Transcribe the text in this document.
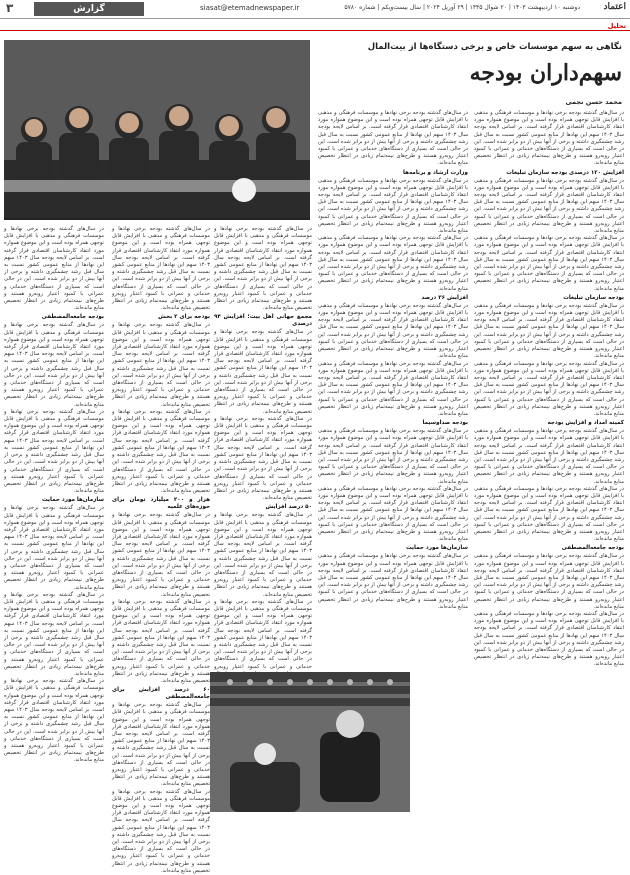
۳	گزارش	siasat@etemadnewspaper.ir	دوشنبه ۱۰ اردیبهشت ۱۴۰۳ | ۲۰ شوال ۱۴۴۵ | ۲۹ آوریل ۲۰۲۴ | سال بیست‌ویکم | شماره ۵۷۸۰	اعتماد
تحلیل
نگاهی به سهم موسسات خاص و برخی دستگاه‌ها از بیت‌المال
سهم‌داران بودجه
محمد حسن نجمی

در سال‌های گذشته بودجه برخی نهادها و موسسات فرهنگی و مذهبی با افزایش قابل توجهی همراه بوده است و این موضوع همواره مورد انتقاد کارشناسان اقتصادی قرار گرفته است. بر اساس لایحه بودجه سال ۱۴۰۳ سهم این نهادها از منابع عمومی کشور نسبت به سال قبل رشد چشمگیری داشته و برخی از آنها بیش از دو برابر شده است. این در حالی است که بسیاری از دستگاه‌های خدماتی و عمرانی با کمبود اعتبار روبه‌رو هستند و طرح‌های نیمه‌تمام زیادی در انتظار تخصیص منابع مانده‌اند.

افزایش ۱۲۰ درصدی بودجه سازمان تبلیغات

در سال‌های گذشته بودجه برخی نهادها و موسسات فرهنگی و مذهبی با افزایش قابل توجهی همراه بوده است و این موضوع همواره مورد انتقاد کارشناسان اقتصادی قرار گرفته است. بر اساس لایحه بودجه سال ۱۴۰۳ سهم این نهادها از منابع عمومی کشور نسبت به سال قبل رشد چشمگیری داشته و برخی از آنها بیش از دو برابر شده است. این در حالی است که بسیاری از دستگاه‌های خدماتی و عمرانی با کمبود اعتبار روبه‌رو هستند و طرح‌های نیمه‌تمام زیادی در انتظار تخصیص منابع مانده‌اند.

در سال‌های گذشته بودجه برخی نهادها و موسسات فرهنگی و مذهبی با افزایش قابل توجهی همراه بوده است و این موضوع همواره مورد انتقاد کارشناسان اقتصادی قرار گرفته است. بر اساس لایحه بودجه سال ۱۴۰۳ سهم این نهادها از منابع عمومی کشور نسبت به سال قبل رشد چشمگیری داشته و برخی از آنها بیش از دو برابر شده است. این در حالی است که بسیاری از دستگاه‌های خدماتی و عمرانی با کمبود اعتبار روبه‌رو هستند و طرح‌های نیمه‌تمام زیادی در انتظار تخصیص منابع مانده‌اند.

بودجه سازمان تبلیغات

در سال‌های گذشته بودجه برخی نهادها و موسسات فرهنگی و مذهبی با افزایش قابل توجهی همراه بوده است و این موضوع همواره مورد انتقاد کارشناسان اقتصادی قرار گرفته است. بر اساس لایحه بودجه سال ۱۴۰۳ سهم این نهادها از منابع عمومی کشور نسبت به سال قبل رشد چشمگیری داشته و برخی از آنها بیش از دو برابر شده است. این در حالی است که بسیاری از دستگاه‌های خدماتی و عمرانی با کمبود اعتبار روبه‌رو هستند و طرح‌های نیمه‌تمام زیادی در انتظار تخصیص منابع مانده‌اند.

در سال‌های گذشته بودجه برخی نهادها و موسسات فرهنگی و مذهبی با افزایش قابل توجهی همراه بوده است و این موضوع همواره مورد انتقاد کارشناسان اقتصادی قرار گرفته است. بر اساس لایحه بودجه سال ۱۴۰۳ سهم این نهادها از منابع عمومی کشور نسبت به سال قبل رشد چشمگیری داشته و برخی از آنها بیش از دو برابر شده است. این در حالی است که بسیاری از دستگاه‌های خدماتی و عمرانی با کمبود اعتبار روبه‌رو هستند و طرح‌های نیمه‌تمام زیادی در انتظار تخصیص منابع مانده‌اند.

کمیته امداد و افزایش بودجه

در سال‌های گذشته بودجه برخی نهادها و موسسات فرهنگی و مذهبی با افزایش قابل توجهی همراه بوده است و این موضوع همواره مورد انتقاد کارشناسان اقتصادی قرار گرفته است. بر اساس لایحه بودجه سال ۱۴۰۳ سهم این نهادها از منابع عمومی کشور نسبت به سال قبل رشد چشمگیری داشته و برخی از آنها بیش از دو برابر شده است. این در حالی است که بسیاری از دستگاه‌های خدماتی و عمرانی با کمبود اعتبار روبه‌رو هستند و طرح‌های نیمه‌تمام زیادی در انتظار تخصیص منابع مانده‌اند.

در سال‌های گذشته بودجه برخی نهادها و موسسات فرهنگی و مذهبی با افزایش قابل توجهی همراه بوده است و این موضوع همواره مورد انتقاد کارشناسان اقتصادی قرار گرفته است. بر اساس لایحه بودجه سال ۱۴۰۳ سهم این نهادها از منابع عمومی کشور نسبت به سال قبل رشد چشمگیری داشته و برخی از آنها بیش از دو برابر شده است. این در حالی است که بسیاری از دستگاه‌های خدماتی و عمرانی با کمبود اعتبار روبه‌رو هستند و طرح‌های نیمه‌تمام زیادی در انتظار تخصیص منابع مانده‌اند.

بودجه جامعه‌المصطفی

در سال‌های گذشته بودجه برخی نهادها و موسسات فرهنگی و مذهبی با افزایش قابل توجهی همراه بوده است و این موضوع همواره مورد انتقاد کارشناسان اقتصادی قرار گرفته است. بر اساس لایحه بودجه سال ۱۴۰۳ سهم این نهادها از منابع عمومی کشور نسبت به سال قبل رشد چشمگیری داشته و برخی از آنها بیش از دو برابر شده است. این در حالی است که بسیاری از دستگاه‌های خدماتی و عمرانی با کمبود اعتبار روبه‌رو هستند و طرح‌های نیمه‌تمام زیادی در انتظار تخصیص منابع مانده‌اند.

در سال‌های گذشته بودجه برخی نهادها و موسسات فرهنگی و مذهبی با افزایش قابل توجهی همراه بوده است و این موضوع همواره مورد انتقاد کارشناسان اقتصادی قرار گرفته است. بر اساس لایحه بودجه سال ۱۴۰۳ سهم این نهادها از منابع عمومی کشور نسبت به سال قبل رشد چشمگیری داشته و برخی از آنها بیش از دو برابر شده است. این در حالی است که بسیاری از دستگاه‌های خدماتی و عمرانی با کمبود اعتبار روبه‌رو هستند و طرح‌های نیمه‌تمام زیادی در انتظار تخصیص منابع مانده‌اند.

در سال‌های گذشته بودجه برخی نهادها و موسسات فرهنگی و مذهبی با افزایش قابل توجهی همراه بوده است و این موضوع همواره مورد انتقاد کارشناسان اقتصادی قرار گرفته است. بر اساس لایحه بودجه سال ۱۴۰۳ سهم این نهادها از منابع عمومی کشور نسبت به سال قبل رشد چشمگیری داشته و برخی از آنها بیش از دو برابر شده است. این در حالی است که بسیاری از دستگاه‌های خدماتی و عمرانی با کمبود اعتبار روبه‌رو هستند و طرح‌های نیمه‌تمام زیادی در انتظار تخصیص منابع مانده‌اند.

وزارت ارشاد و برنامه‌ها

در سال‌های گذشته بودجه برخی نهادها و موسسات فرهنگی و مذهبی با افزایش قابل توجهی همراه بوده است و این موضوع همواره مورد انتقاد کارشناسان اقتصادی قرار گرفته است. بر اساس لایحه بودجه سال ۱۴۰۳ سهم این نهادها از منابع عمومی کشور نسبت به سال قبل رشد چشمگیری داشته و برخی از آنها بیش از دو برابر شده است. این در حالی است که بسیاری از دستگاه‌های خدماتی و عمرانی با کمبود اعتبار روبه‌رو هستند و طرح‌های نیمه‌تمام زیادی در انتظار تخصیص منابع مانده‌اند.

در سال‌های گذشته بودجه برخی نهادها و موسسات فرهنگی و مذهبی با افزایش قابل توجهی همراه بوده است و این موضوع همواره مورد انتقاد کارشناسان اقتصادی قرار گرفته است. بر اساس لایحه بودجه سال ۱۴۰۳ سهم این نهادها از منابع عمومی کشور نسبت به سال قبل رشد چشمگیری داشته و برخی از آنها بیش از دو برابر شده است. این در حالی است که بسیاری از دستگاه‌های خدماتی و عمرانی با کمبود اعتبار روبه‌رو هستند و طرح‌های نیمه‌تمام زیادی در انتظار تخصیص منابع مانده‌اند.

افزایش ۳۶ درصد

در سال‌های گذشته بودجه برخی نهادها و موسسات فرهنگی و مذهبی با افزایش قابل توجهی همراه بوده است و این موضوع همواره مورد انتقاد کارشناسان اقتصادی قرار گرفته است. بر اساس لایحه بودجه سال ۱۴۰۳ سهم این نهادها از منابع عمومی کشور نسبت به سال قبل رشد چشمگیری داشته و برخی از آنها بیش از دو برابر شده است. این در حالی است که بسیاری از دستگاه‌های خدماتی و عمرانی با کمبود اعتبار روبه‌رو هستند و طرح‌های نیمه‌تمام زیادی در انتظار تخصیص منابع مانده‌اند.

در سال‌های گذشته بودجه برخی نهادها و موسسات فرهنگی و مذهبی با افزایش قابل توجهی همراه بوده است و این موضوع همواره مورد انتقاد کارشناسان اقتصادی قرار گرفته است. بر اساس لایحه بودجه سال ۱۴۰۳ سهم این نهادها از منابع عمومی کشور نسبت به سال قبل رشد چشمگیری داشته و برخی از آنها بیش از دو برابر شده است. این در حالی است که بسیاری از دستگاه‌های خدماتی و عمرانی با کمبود اعتبار روبه‌رو هستند و طرح‌های نیمه‌تمام زیادی در انتظار تخصیص منابع مانده‌اند.

بودجه صداوسیما

در سال‌های گذشته بودجه برخی نهادها و موسسات فرهنگی و مذهبی با افزایش قابل توجهی همراه بوده است و این موضوع همواره مورد انتقاد کارشناسان اقتصادی قرار گرفته است. بر اساس لایحه بودجه سال ۱۴۰۳ سهم این نهادها از منابع عمومی کشور نسبت به سال قبل رشد چشمگیری داشته و برخی از آنها بیش از دو برابر شده است. این در حالی است که بسیاری از دستگاه‌های خدماتی و عمرانی با کمبود اعتبار روبه‌رو هستند و طرح‌های نیمه‌تمام زیادی در انتظار تخصیص منابع مانده‌اند.

در سال‌های گذشته بودجه برخی نهادها و موسسات فرهنگی و مذهبی با افزایش قابل توجهی همراه بوده است و این موضوع همواره مورد انتقاد کارشناسان اقتصادی قرار گرفته است. بر اساس لایحه بودجه سال ۱۴۰۳ سهم این نهادها از منابع عمومی کشور نسبت به سال قبل رشد چشمگیری داشته و برخی از آنها بیش از دو برابر شده است. این در حالی است که بسیاری از دستگاه‌های خدماتی و عمرانی با کمبود اعتبار روبه‌رو هستند و طرح‌های نیمه‌تمام زیادی در انتظار تخصیص منابع مانده‌اند.

سازمان‌ها مورد حمایت

در سال‌های گذشته بودجه برخی نهادها و موسسات فرهنگی و مذهبی با افزایش قابل توجهی همراه بوده است و این موضوع همواره مورد انتقاد کارشناسان اقتصادی قرار گرفته است. بر اساس لایحه بودجه سال ۱۴۰۳ سهم این نهادها از منابع عمومی کشور نسبت به سال قبل رشد چشمگیری داشته و برخی از آنها بیش از دو برابر شده است. این در حالی است که بسیاری از دستگاه‌های خدماتی و عمرانی با کمبود اعتبار روبه‌رو هستند و طرح‌های نیمه‌تمام زیادی در انتظار تخصیص منابع مانده‌اند.

در سال‌های گذشته بودجه برخی نهادها و موسسات فرهنگی و مذهبی با افزایش قابل توجهی همراه بوده است و این موضوع همواره مورد انتقاد کارشناسان اقتصادی قرار گرفته است. بر اساس لایحه بودجه سال ۱۴۰۳ سهم این نهادها از منابع عمومی کشور نسبت به سال قبل رشد چشمگیری داشته و برخی از آنها بیش از دو برابر شده است. این در حالی است که بسیاری از دستگاه‌های خدماتی و عمرانی با کمبود اعتبار روبه‌رو هستند و طرح‌های نیمه‌تمام زیادی در انتظار تخصیص منابع مانده‌اند.

مجمع جهانی اهل بیت؛ افزایش ۹۴ درصدی

در سال‌های گذشته بودجه برخی نهادها و موسسات فرهنگی و مذهبی با افزایش قابل توجهی همراه بوده است و این موضوع همواره مورد انتقاد کارشناسان اقتصادی قرار گرفته است. بر اساس لایحه بودجه سال ۱۴۰۳ سهم این نهادها از منابع عمومی کشور نسبت به سال قبل رشد چشمگیری داشته و برخی از آنها بیش از دو برابر شده است. این در حالی است که بسیاری از دستگاه‌های خدماتی و عمرانی با کمبود اعتبار روبه‌رو هستند و طرح‌های نیمه‌تمام زیادی در انتظار تخصیص منابع مانده‌اند.

در سال‌های گذشته بودجه برخی نهادها و موسسات فرهنگی و مذهبی با افزایش قابل توجهی همراه بوده است و این موضوع همواره مورد انتقاد کارشناسان اقتصادی قرار گرفته است. بر اساس لایحه بودجه سال ۱۴۰۳ سهم این نهادها از منابع عمومی کشور نسبت به سال قبل رشد چشمگیری داشته و برخی از آنها بیش از دو برابر شده است. این در حالی است که بسیاری از دستگاه‌های خدماتی و عمرانی با کمبود اعتبار روبه‌رو هستند و طرح‌های نیمه‌تمام زیادی در انتظار تخصیص منابع مانده‌اند.

۵۰ درصد افزایش

در سال‌های گذشته بودجه برخی نهادها و موسسات فرهنگی و مذهبی با افزایش قابل توجهی همراه بوده است و این موضوع همواره مورد انتقاد کارشناسان اقتصادی قرار گرفته است. بر اساس لایحه بودجه سال ۱۴۰۳ سهم این نهادها از منابع عمومی کشور نسبت به سال قبل رشد چشمگیری داشته و برخی از آنها بیش از دو برابر شده است. این در حالی است که بسیاری از دستگاه‌های خدماتی و عمرانی با کمبود اعتبار روبه‌رو هستند و طرح‌های نیمه‌تمام زیادی در انتظار تخصیص منابع مانده‌اند.

در سال‌های گذشته بودجه برخی نهادها و موسسات فرهنگی و مذهبی با افزایش قابل توجهی همراه بوده است و این موضوع همواره مورد انتقاد کارشناسان اقتصادی قرار گرفته است. بر اساس لایحه بودجه سال ۱۴۰۳ سهم این نهادها از منابع عمومی کشور نسبت به سال قبل رشد چشمگیری داشته و برخی از آنها بیش از دو برابر شده است. این در حالی است که بسیاری از دستگاه‌های خدماتی و عمرانی با کمبود اعتبار روبه‌رو

در سال‌های گذشته بودجه برخی نهادها و موسسات فرهنگی و مذهبی با افزایش قابل توجهی همراه بوده است و این موضوع همواره مورد انتقاد کارشناسان اقتصادی قرار گرفته است. بر اساس لایحه بودجه سال ۱۴۰۳ سهم این نهادها از منابع عمومی کشور نسبت به سال قبل رشد چشمگیری داشته و برخی از آنها بیش از دو برابر شده است. این در حالی است که بسیاری از دستگاه‌های خدماتی و عمرانی با کمبود اعتبار روبه‌رو هستند و طرح‌های نیمه‌تمام زیادی در انتظار تخصیص منابع مانده‌اند.

بودجه برای ۲ بخش

در سال‌های گذشته بودجه برخی نهادها و موسسات فرهنگی و مذهبی با افزایش قابل توجهی همراه بوده است و این موضوع همواره مورد انتقاد کارشناسان اقتصادی قرار گرفته است. بر اساس لایحه بودجه سال ۱۴۰۳ سهم این نهادها از منابع عمومی کشور نسبت به سال قبل رشد چشمگیری داشته و برخی از آنها بیش از دو برابر شده است. این در حالی است که بسیاری از دستگاه‌های خدماتی و عمرانی با کمبود اعتبار روبه‌رو هستند و طرح‌های نیمه‌تمام زیادی در انتظار تخصیص منابع مانده‌اند.

در سال‌های گذشته بودجه برخی نهادها و موسسات فرهنگی و مذهبی با افزایش قابل توجهی همراه بوده است و این موضوع همواره مورد انتقاد کارشناسان اقتصادی قرار گرفته است. بر اساس لایحه بودجه سال ۱۴۰۳ سهم این نهادها از منابع عمومی کشور نسبت به سال قبل رشد چشمگیری داشته و برخی از آنها بیش از دو برابر شده است. این در حالی است که بسیاری از دستگاه‌های خدماتی و عمرانی با کمبود اعتبار روبه‌رو هستند و طرح‌های نیمه‌تمام زیادی در انتظار تخصیص منابع مانده‌اند.

هزار و ۲۰۰ میلیارد تومان برای حوزه‌های علمیه

در سال‌های گذشته بودجه برخی نهادها و موسسات فرهنگی و مذهبی با افزایش قابل توجهی همراه بوده است و این موضوع همواره مورد انتقاد کارشناسان اقتصادی قرار گرفته است. بر اساس لایحه بودجه سال ۱۴۰۳ سهم این نهادها از منابع عمومی کشور نسبت به سال قبل رشد چشمگیری داشته و برخی از آنها بیش از دو برابر شده است. این در حالی است که بسیاری از دستگاه‌های خدماتی و عمرانی با کمبود اعتبار روبه‌رو هستند و طرح‌های نیمه‌تمام زیادی در انتظار تخصیص منابع مانده‌اند.

در سال‌های گذشته بودجه برخی نهادها و موسسات فرهنگی و مذهبی با افزایش قابل توجهی همراه بوده است و این موضوع همواره مورد انتقاد کارشناسان اقتصادی قرار گرفته است. بر اساس لایحه بودجه سال ۱۴۰۳ سهم این نهادها از منابع عمومی کشور نسبت به سال قبل رشد چشمگیری داشته و برخی از آنها بیش از دو برابر شده است. این در حالی است که بسیاری از دستگاه‌های خدماتی و عمرانی با کمبود اعتبار روبه‌رو هستند و طرح‌های نیمه‌تمام زیادی در انتظار تخصیص منابع مانده‌اند.

۶۰ درصد افزایش برای جامعه‌المصطفی

در سال‌های گذشته بودجه برخی نهادها و موسسات فرهنگی و مذهبی با افزایش قابل توجهی همراه بوده است و این موضوع همواره مورد انتقاد کارشناسان اقتصادی قرار گرفته است. بر اساس لایحه بودجه سال ۱۴۰۳ سهم این نهادها از منابع عمومی کشور نسبت به سال قبل رشد چشمگیری داشته و برخی از آنها بیش از دو برابر شده است. این در حالی است که بسیاری از دستگاه‌های خدماتی و عمرانی با کمبود اعتبار روبه‌رو هستند و طرح‌های نیمه‌تمام زیادی در انتظار تخصیص منابع مانده‌اند.

در سال‌های گذشته بودجه برخی نهادها و موسسات فرهنگی و مذهبی با افزایش قابل توجهی همراه بوده است و این موضوع همواره مورد انتقاد کارشناسان اقتصادی قرار گرفته است. بر اساس لایحه بودجه سال ۱۴۰۳ سهم این نهادها از منابع عمومی کشور نسبت به سال قبل رشد چشمگیری داشته و برخی از آنها بیش از دو برابر شده است. این در حالی است که بسیاری از دستگاه‌های خدماتی و عمرانی با کمبود اعتبار روبه‌رو هستند و طرح‌های نیمه‌تمام زیادی در انتظار تخصیص منابع مانده‌اند.

در سال‌های گذشته بودجه برخی نهادها و موسسات فرهنگی و مذهبی با افزایش قابل توجهی همراه بوده است و این موضوع همواره مورد انتقاد کارشناسان اقتصادی قرار گرفته است. بر اساس لایحه بودجه سال ۱۴۰۳ سهم این نهادها از منابع عمومی کشور نسبت به سال قبل رشد چشمگیری داشته و برخی از آنها بیش از دو برابر شده است. این در حالی است که بسیاری از دستگاه‌های خدماتی و عمرانی با کمبود اعتبار روبه‌رو هستند و طرح‌های نیمه‌تمام زیادی در انتظار تخصیص منابع مانده‌اند.

بودجه جامعه‌المصطفی

در سال‌های گذشته بودجه برخی نهادها و موسسات فرهنگی و مذهبی با افزایش قابل توجهی همراه بوده است و این موضوع همواره مورد انتقاد کارشناسان اقتصادی قرار گرفته است. بر اساس لایحه بودجه سال ۱۴۰۳ سهم این نهادها از منابع عمومی کشور نسبت به سال قبل رشد چشمگیری داشته و برخی از آنها بیش از دو برابر شده است. این در حالی است که بسیاری از دستگاه‌های خدماتی و عمرانی با کمبود اعتبار روبه‌رو هستند و طرح‌های نیمه‌تمام زیادی در انتظار تخصیص منابع مانده‌اند.

در سال‌های گذشته بودجه برخی نهادها و موسسات فرهنگی و مذهبی با افزایش قابل توجهی همراه بوده است و این موضوع همواره مورد انتقاد کارشناسان اقتصادی قرار گرفته است. بر اساس لایحه بودجه سال ۱۴۰۳ سهم این نهادها از منابع عمومی کشور نسبت به سال قبل رشد چشمگیری داشته و برخی از آنها بیش از دو برابر شده است. این در حالی است که بسیاری از دستگاه‌های خدماتی و عمرانی با کمبود اعتبار روبه‌رو هستند و طرح‌های نیمه‌تمام زیادی در انتظار تخصیص منابع مانده‌اند.

سازمان‌ها مورد حمایت

در سال‌های گذشته بودجه برخی نهادها و موسسات فرهنگی و مذهبی با افزایش قابل توجهی همراه بوده است و این موضوع همواره مورد انتقاد کارشناسان اقتصادی قرار گرفته است. بر اساس لایحه بودجه سال ۱۴۰۳ سهم این نهادها از منابع عمومی کشور نسبت به سال قبل رشد چشمگیری داشته و برخی از آنها بیش از دو برابر شده است. این در حالی است که بسیاری از دستگاه‌های خدماتی و عمرانی با کمبود اعتبار روبه‌رو هستند و طرح‌های نیمه‌تمام زیادی در انتظار تخصیص منابع مانده‌اند.

در سال‌های گذشته بودجه برخی نهادها و موسسات فرهنگی و مذهبی با افزایش قابل توجهی همراه بوده است و این موضوع همواره مورد انتقاد کارشناسان اقتصادی قرار گرفته است. بر اساس لایحه بودجه سال ۱۴۰۳ سهم این نهادها از منابع عمومی کشور نسبت به سال قبل رشد چشمگیری داشته و برخی از آنها بیش از دو برابر شده است. این در حالی است که بسیاری از دستگاه‌های خدماتی و عمرانی با کمبود اعتبار روبه‌رو هستند و طرح‌های نیمه‌تمام زیادی در انتظار تخصیص منابع مانده‌اند.

در سال‌های گذشته بودجه برخی نهادها و موسسات فرهنگی و مذهبی با افزایش قابل توجهی همراه بوده است و این موضوع همواره مورد انتقاد کارشناسان اقتصادی قرار گرفته است. بر اساس لایحه بودجه سال ۱۴۰۳ سهم این نهادها از منابع عمومی کشور نسبت به سال قبل رشد چشمگیری داشته و برخی از آنها بیش از دو برابر شده است. این در حالی است که بسیاری از دستگاه‌های خدماتی و عمرانی با کمبود اعتبار روبه‌رو هستند و طرح‌های نیمه‌تمام زیادی در انتظار تخصیص منابع مانده‌اند.
